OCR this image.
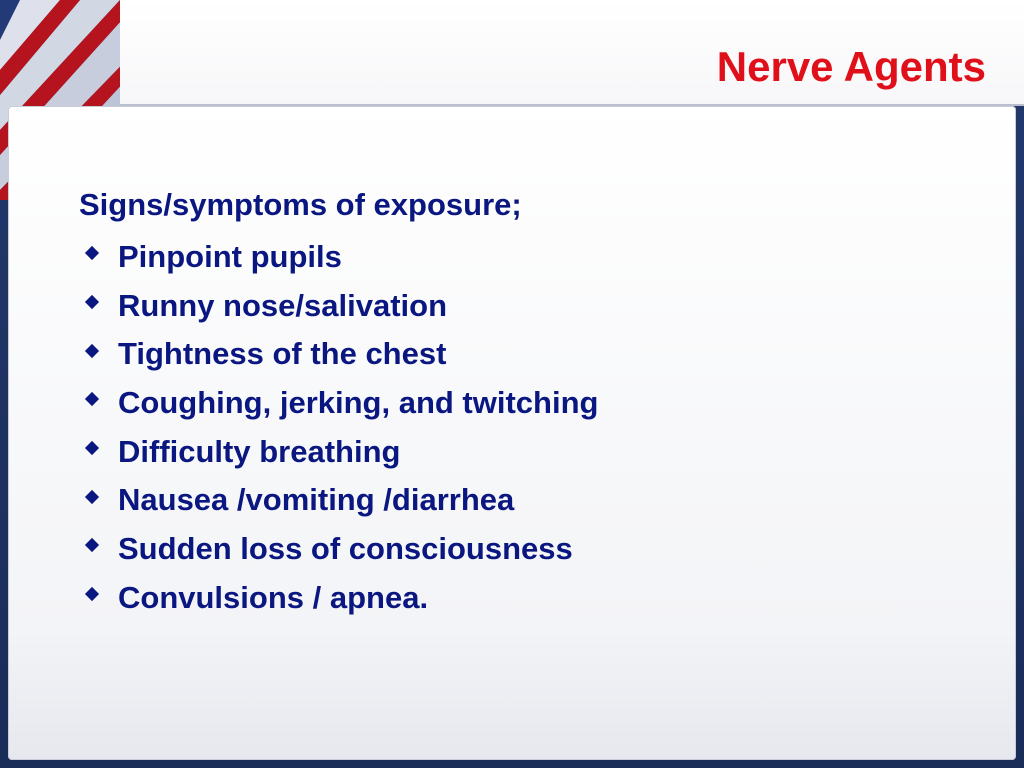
Nerve Agents

Signs/symptoms of exposure;

Pinpoint pupils
Runny nose/salivation
Tightness of the chest
Coughing, jerking, and twitching
Difficulty breathing
Nausea /vomiting /diarrhea
Sudden loss of consciousness
Convulsions / apnea.
